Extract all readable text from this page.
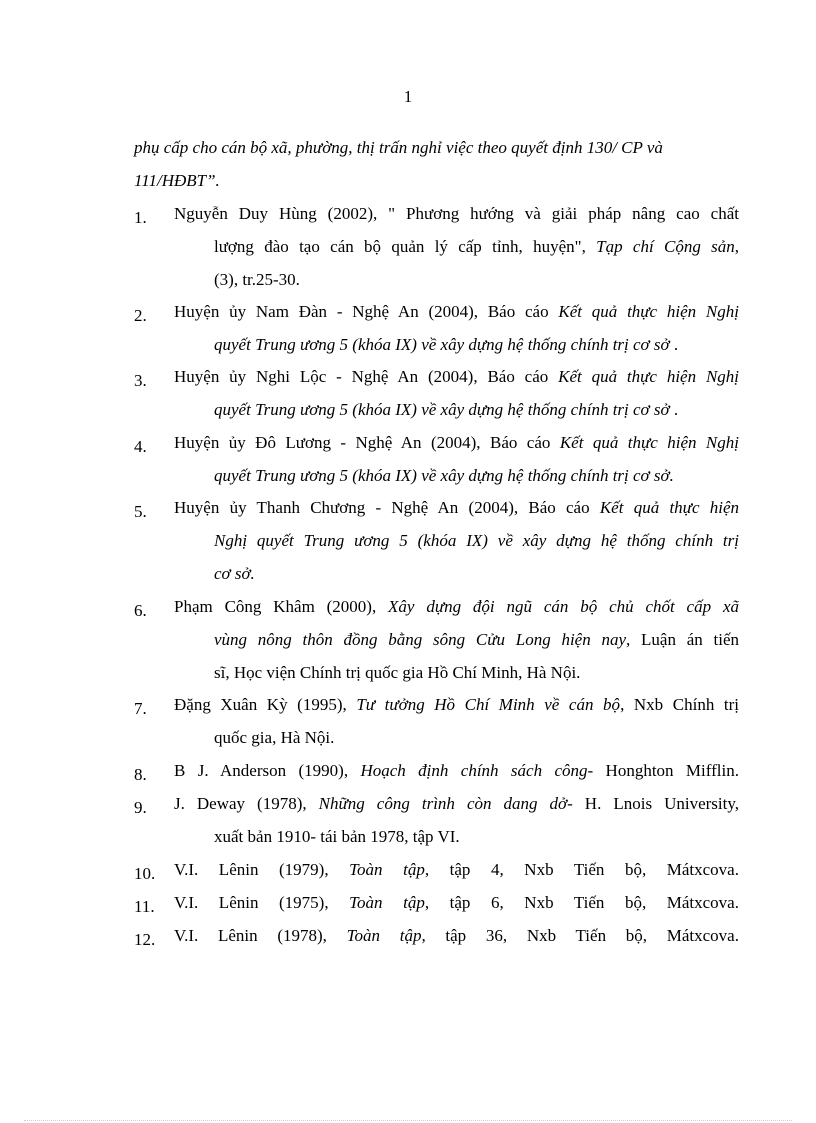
1
phụ cấp cho cán bộ xã, phường, thị trấn nghỉ việc theo quyết định 130/ CP và
111/HĐBT”.
1.	Nguyễn Duy Hùng (2002), " Phương hướng và giải pháp nâng cao chất
lượng đào tạo cán bộ quản lý cấp tỉnh, huyện", Tạp chí Cộng sản,
(3), tr.25-30.
2.	Huyện ủy Nam Đàn - Nghệ An (2004), Báo cáo Kết quả thực hiện Nghị
quyết Trung ương 5 (khóa IX) về xây dựng hệ thống chính trị cơ sở .
3.	Huyện ủy Nghi Lộc - Nghệ An (2004), Báo cáo Kết quả thực hiện Nghị
quyết Trung ương 5 (khóa IX) về xây dựng hệ thống chính trị cơ sở .
4.	Huyện ủy Đô Lương - Nghệ An (2004), Báo cáo Kết quả thực hiện Nghị
quyết Trung ương 5 (khóa IX) về xây dựng hệ thống chính trị cơ sở.
5.	Huyện ủy Thanh Chương - Nghệ An (2004), Báo cáo Kết quả thực hiện
Nghị quyết Trung ương 5 (khóa IX) về xây dựng hệ thống chính trị
cơ sở.
6.	Phạm Công Khâm (2000), Xây dựng đội ngũ cán bộ chủ chốt cấp xã
vùng nông thôn đồng bằng sông Cửu Long hiện nay, Luận án tiến
sĩ, Học viện Chính trị quốc gia Hồ Chí Minh, Hà Nội.
7.	Đặng Xuân Kỳ (1995), Tư tưởng Hồ Chí Minh về cán bộ, Nxb Chính trị
quốc gia, Hà Nội.
8.	B J. Anderson (1990), Hoạch định chính sách công- Honghton Mifflin.
9.	J. Deway (1978), Những công trình còn dang dở- H. Lnois University,
xuất bản 1910- tái bản 1978, tập VI.
10.	V.I. Lênin (1979), Toàn tập, tập 4, Nxb Tiến bộ, Mátxcova.
11.	V.I. Lênin (1975), Toàn tập, tập 6, Nxb Tiến bộ, Mátxcova.
12.	V.I. Lênin (1978), Toàn tập, tập 36, Nxb Tiến bộ, Mátxcova.
